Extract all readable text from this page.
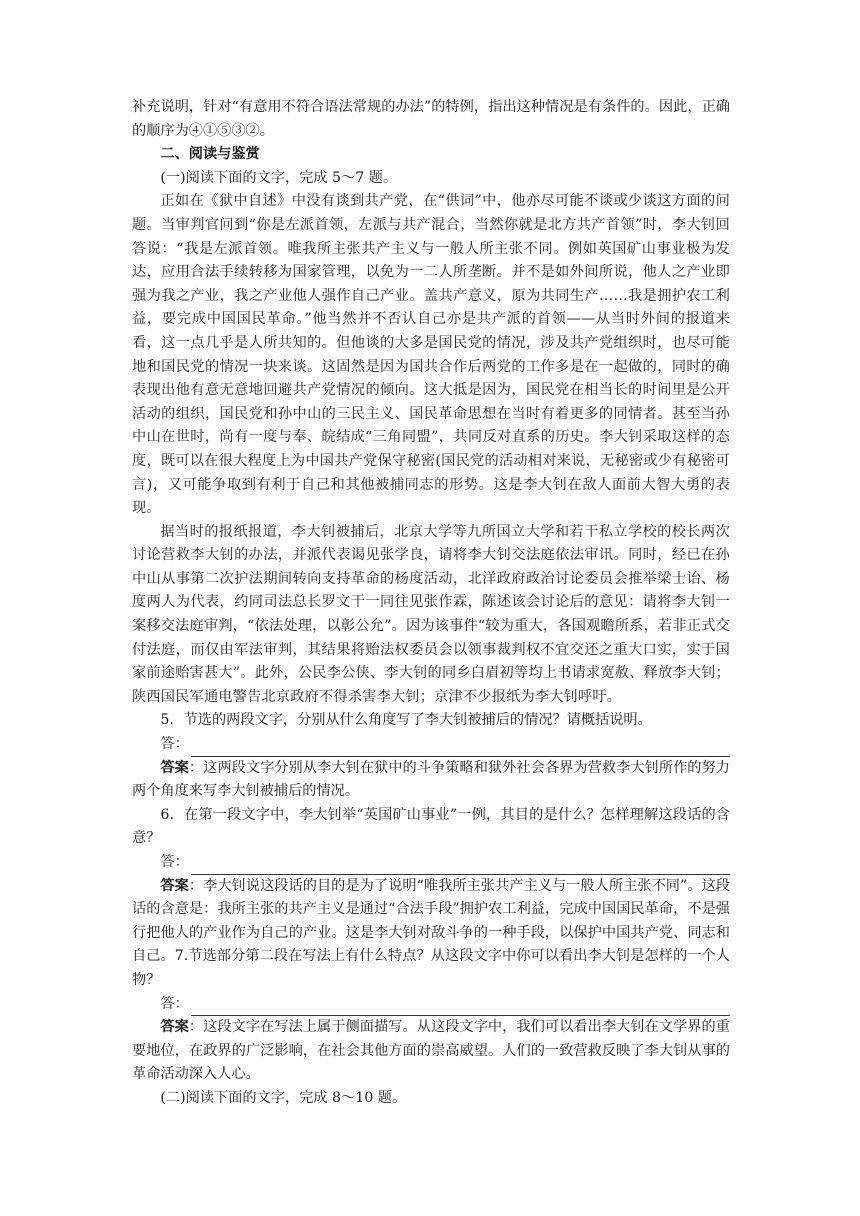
补充说明，针对“有意用不符合语法常规的办法”的特例，指出这种情况是有条件的。因此，正确的顺序为④①⑤③②。

二、阅读与鉴赏

(一)阅读下面的文字，完成 5～7 题。

正如在《狱中自述》中没有谈到共产党，在“供词”中，他亦尽可能不谈或少谈这方面的问题。当审判官问到“你是左派首领，左派与共产混合，当然你就是北方共产首领”时，李大钊回答说：“我是左派首领。唯我所主张共产主义与一般人所主张不同。例如英国矿山事业极为发达，应用合法手续转移为国家管理，以免为一二人所垄断。并不是如外间所说，他人之产业即强为我之产业，我之产业他人强作自己产业。盖共产意义，原为共同生产……我是拥护农工利益，要完成中国国民革命。”他当然并不否认自己亦是共产派的首领——从当时外间的报道来看，这一点几乎是人所共知的。但他谈的大多是国民党的情况，涉及共产党组织时，也尽可能地和国民党的情况一块来谈。这固然是因为国共合作后两党的工作多是在一起做的，同时的确表现出他有意无意地回避共产党情况的倾向。这大抵是因为，国民党在相当长的时间里是公开活动的组织，国民党和孙中山的三民主义、国民革命思想在当时有着更多的同情者。甚至当孙中山在世时，尚有一度与奉、皖结成“三角同盟”，共同反对直系的历史。李大钊采取这样的态度，既可以在很大程度上为中国共产党保守秘密(国民党的活动相对来说，无秘密或少有秘密可言)，又可能争取到有利于自己和其他被捕同志的形势。这是李大钊在敌人面前大智大勇的表现。

据当时的报纸报道，李大钊被捕后，北京大学等九所国立大学和若干私立学校的校长两次讨论营救李大钊的办法，并派代表谒见张学良，请将李大钊交法庭依法审讯。同时，经已在孙中山从事第二次护法期间转向支持革命的杨度活动，北洋政府政治讨论委员会推举梁士诒、杨度两人为代表，约同司法总长罗文干一同往见张作霖，陈述该会讨论后的意见：请将李大钊一案移交法庭审判，“依法处理，以彰公允”。因为该事件“较为重大，各国观瞻所系，若非正式交付法庭，而仅由军法审判，其结果将贻法权委员会以领事裁判权不宜交还之重大口实，实于国家前途贻害甚大”。此外，公民李公侠、李大钊的同乡白眉初等均上书请求宽赦、释放李大钊；陕西国民军通电警告北京政府不得杀害李大钊；京津不少报纸为李大钊呼吁。

5．节选的两段文字，分别从什么角度写了李大钊被捕后的情况？请概括说明。

答：

答案：这两段文字分别从李大钊在狱中的斗争策略和狱外社会各界为营救李大钊所作的努力两个角度来写李大钊被捕后的情况。

6．在第一段文字中，李大钊举“英国矿山事业”一例，其目的是什么？怎样理解这段话的含意？

答：

答案：李大钊说这段话的目的是为了说明“唯我所主张共产主义与一般人所主张不同”。这段话的含意是：我所主张的共产主义是通过“合法手段”拥护农工利益，完成中国国民革命，不是强行把他人的产业作为自己的产业。这是李大钊对敌斗争的一种手段，以保护中国共产党、同志和自己。7.节选部分第二段在写法上有什么特点？从这段文字中你可以看出李大钊是怎样的一个人物？

答：

答案：这段文字在写法上属于侧面描写。从这段文字中，我们可以看出李大钊在文学界的重要地位，在政界的广泛影响，在社会其他方面的崇高威望。人们的一致营救反映了李大钊从事的革命活动深入人心。

(二)阅读下面的文字，完成 8～10 题。
